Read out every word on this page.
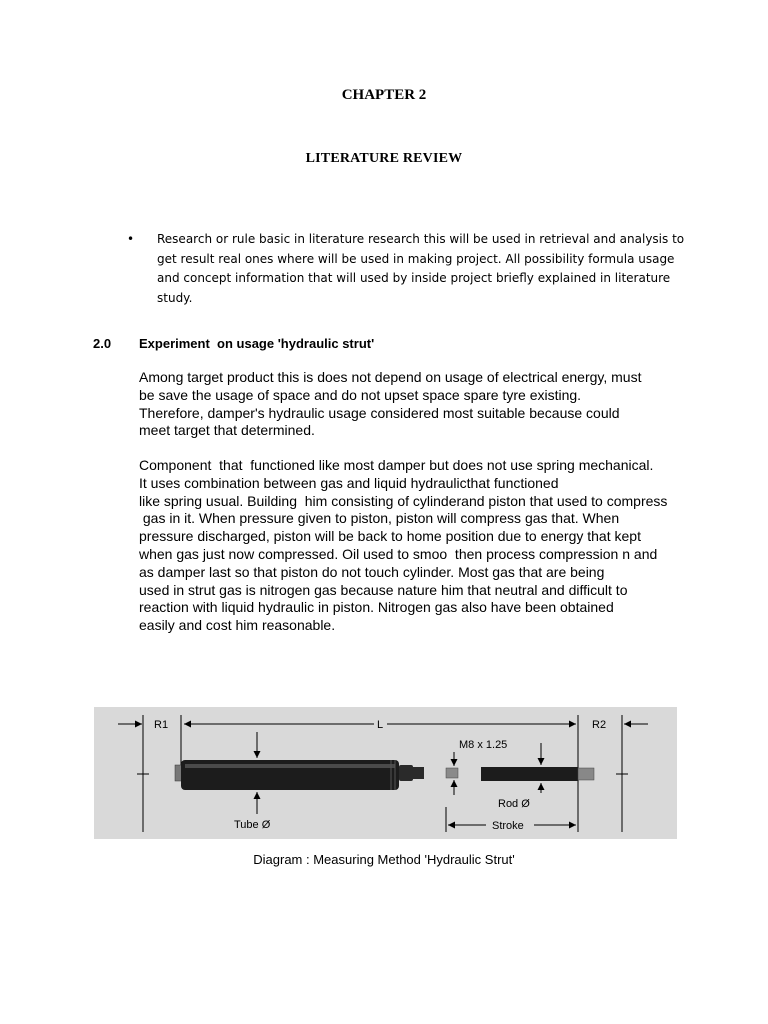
CHAPTER 2
LITERATURE REVIEW
• Research or rule basic in literature research this will be used in retrieval and analysis to
get result real ones where will be used in making project. All possibility formula usage
and concept information that will used by inside project briefly explained in literature
study.
2.0 Experiment  on usage 'hydraulic strut'
Among target product this is does not depend on usage of electrical energy, must
be save the usage of space and do not upset space spare tyre existing.
Therefore, damper's hydraulic usage considered most suitable because could
meet target that determined.
Component  that  functioned like most damper but does not use spring mechanical.
It uses combination between gas and liquid hydraulicthat functioned
like spring usual. Building  him consisting of cylinderand piston that used to compress
gas in it. When pressure given to piston, piston will compress gas that. When
pressure discharged, piston will be back to home position due to energy that kept
when gas just now compressed. Oil used to smoo  then process compression n and
as damper last so that piston do not touch cylinder. Most gas that are being
used in strut gas is nitrogen gas because nature him that neutral and difficult to
reaction with liquid hydraulic in piston. Nitrogen gas also have been obtained
easily and cost him reasonable.
R1	L	R2
Tube Ø
M8 x 1.25
Rod Ø
Stroke
Diagram : Measuring Method 'Hydraulic Strut'
